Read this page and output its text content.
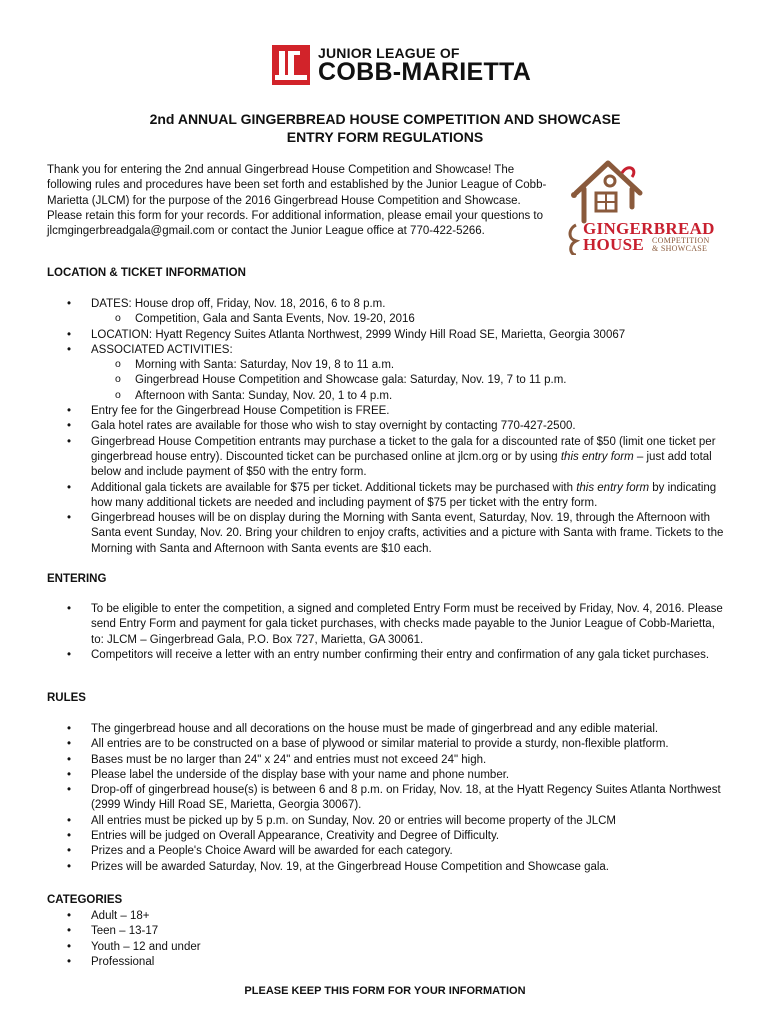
JUNIOR LEAGUE OF
COBB-MARIETTA
2nd ANNUAL GINGERBREAD HOUSE COMPETITION AND SHOWCASE
ENTRY FORM REGULATIONS
Thank you for entering the 2nd annual Gingerbread House Competition and Showcase! The following rules and procedures have been set forth and established by the Junior League of Cobb-Marietta (JLCM) for the purpose of the 2016 Gingerbread House Competition and Showcase. Please retain this form for your records. For additional information, please email your questions to jlcmgingerbreadgala@gmail.com or contact the Junior League office at 770-422-5266.	GINGERBREAD
HOUSE COMPETITION
& SHOWCASE
LOCATION & TICKET INFORMATION
• DATES: House drop off, Friday, Nov. 18, 2016, 6 to 8 p.m.
o Competition, Gala and Santa Events, Nov. 19-20, 2016
• LOCATION: Hyatt Regency Suites Atlanta Northwest, 2999 Windy Hill Road SE, Marietta, Georgia 30067
• ASSOCIATED ACTIVITIES:
o Morning with Santa: Saturday, Nov 19, 8 to 11 a.m.
o Gingerbread House Competition and Showcase gala: Saturday, Nov. 19, 7 to 11 p.m.
o Afternoon with Santa: Sunday, Nov. 20, 1 to 4 p.m.
• Entry fee for the Gingerbread House Competition is FREE.
• Gala hotel rates are available for those who wish to stay overnight by contacting 770-427-2500.
• Gingerbread House Competition entrants may purchase a ticket to the gala for a discounted rate of $50 (limit one ticket per gingerbread house entry). Discounted ticket can be purchased online at jlcm.org or by using this entry form – just add total below and include payment of $50 with the entry form.
• Additional gala tickets are available for $75 per ticket. Additional tickets may be purchased with this entry form by indicating how many additional tickets are needed and including payment of $75 per ticket with the entry form.
• Gingerbread houses will be on display during the Morning with Santa event, Saturday, Nov. 19, through the Afternoon with Santa event Sunday, Nov. 20. Bring your children to enjoy crafts, activities and a picture with Santa with frame. Tickets to the Morning with Santa and Afternoon with Santa events are $10 each.
ENTERING
• To be eligible to enter the competition, a signed and completed Entry Form must be received by Friday, Nov. 4, 2016. Please send Entry Form and payment for gala ticket purchases, with checks made payable to the Junior League of Cobb-Marietta, to: JLCM – Gingerbread Gala, P.O. Box 727, Marietta, GA 30061.
• Competitors will receive a letter with an entry number confirming their entry and confirmation of any gala ticket purchases.
RULES
• The gingerbread house and all decorations on the house must be made of gingerbread and any edible material.
• All entries are to be constructed on a base of plywood or similar material to provide a sturdy, non-flexible platform.
• Bases must be no larger than 24" x 24" and entries must not exceed 24" high.
• Please label the underside of the display base with your name and phone number.
• Drop-off of gingerbread house(s) is between 6 and 8 p.m. on Friday, Nov. 18, at the Hyatt Regency Suites Atlanta Northwest (2999 Windy Hill Road SE, Marietta, Georgia 30067).
• All entries must be picked up by 5 p.m. on Sunday, Nov. 20 or entries will become property of the JLCM
• Entries will be judged on Overall Appearance, Creativity and Degree of Difficulty.
• Prizes and a People's Choice Award will be awarded for each category.
• Prizes will be awarded Saturday, Nov. 19, at the Gingerbread House Competition and Showcase gala.
CATEGORIES
• Adult – 18+
• Teen – 13-17
• Youth – 12 and under
• Professional
PLEASE KEEP THIS FORM FOR YOUR INFORMATION
